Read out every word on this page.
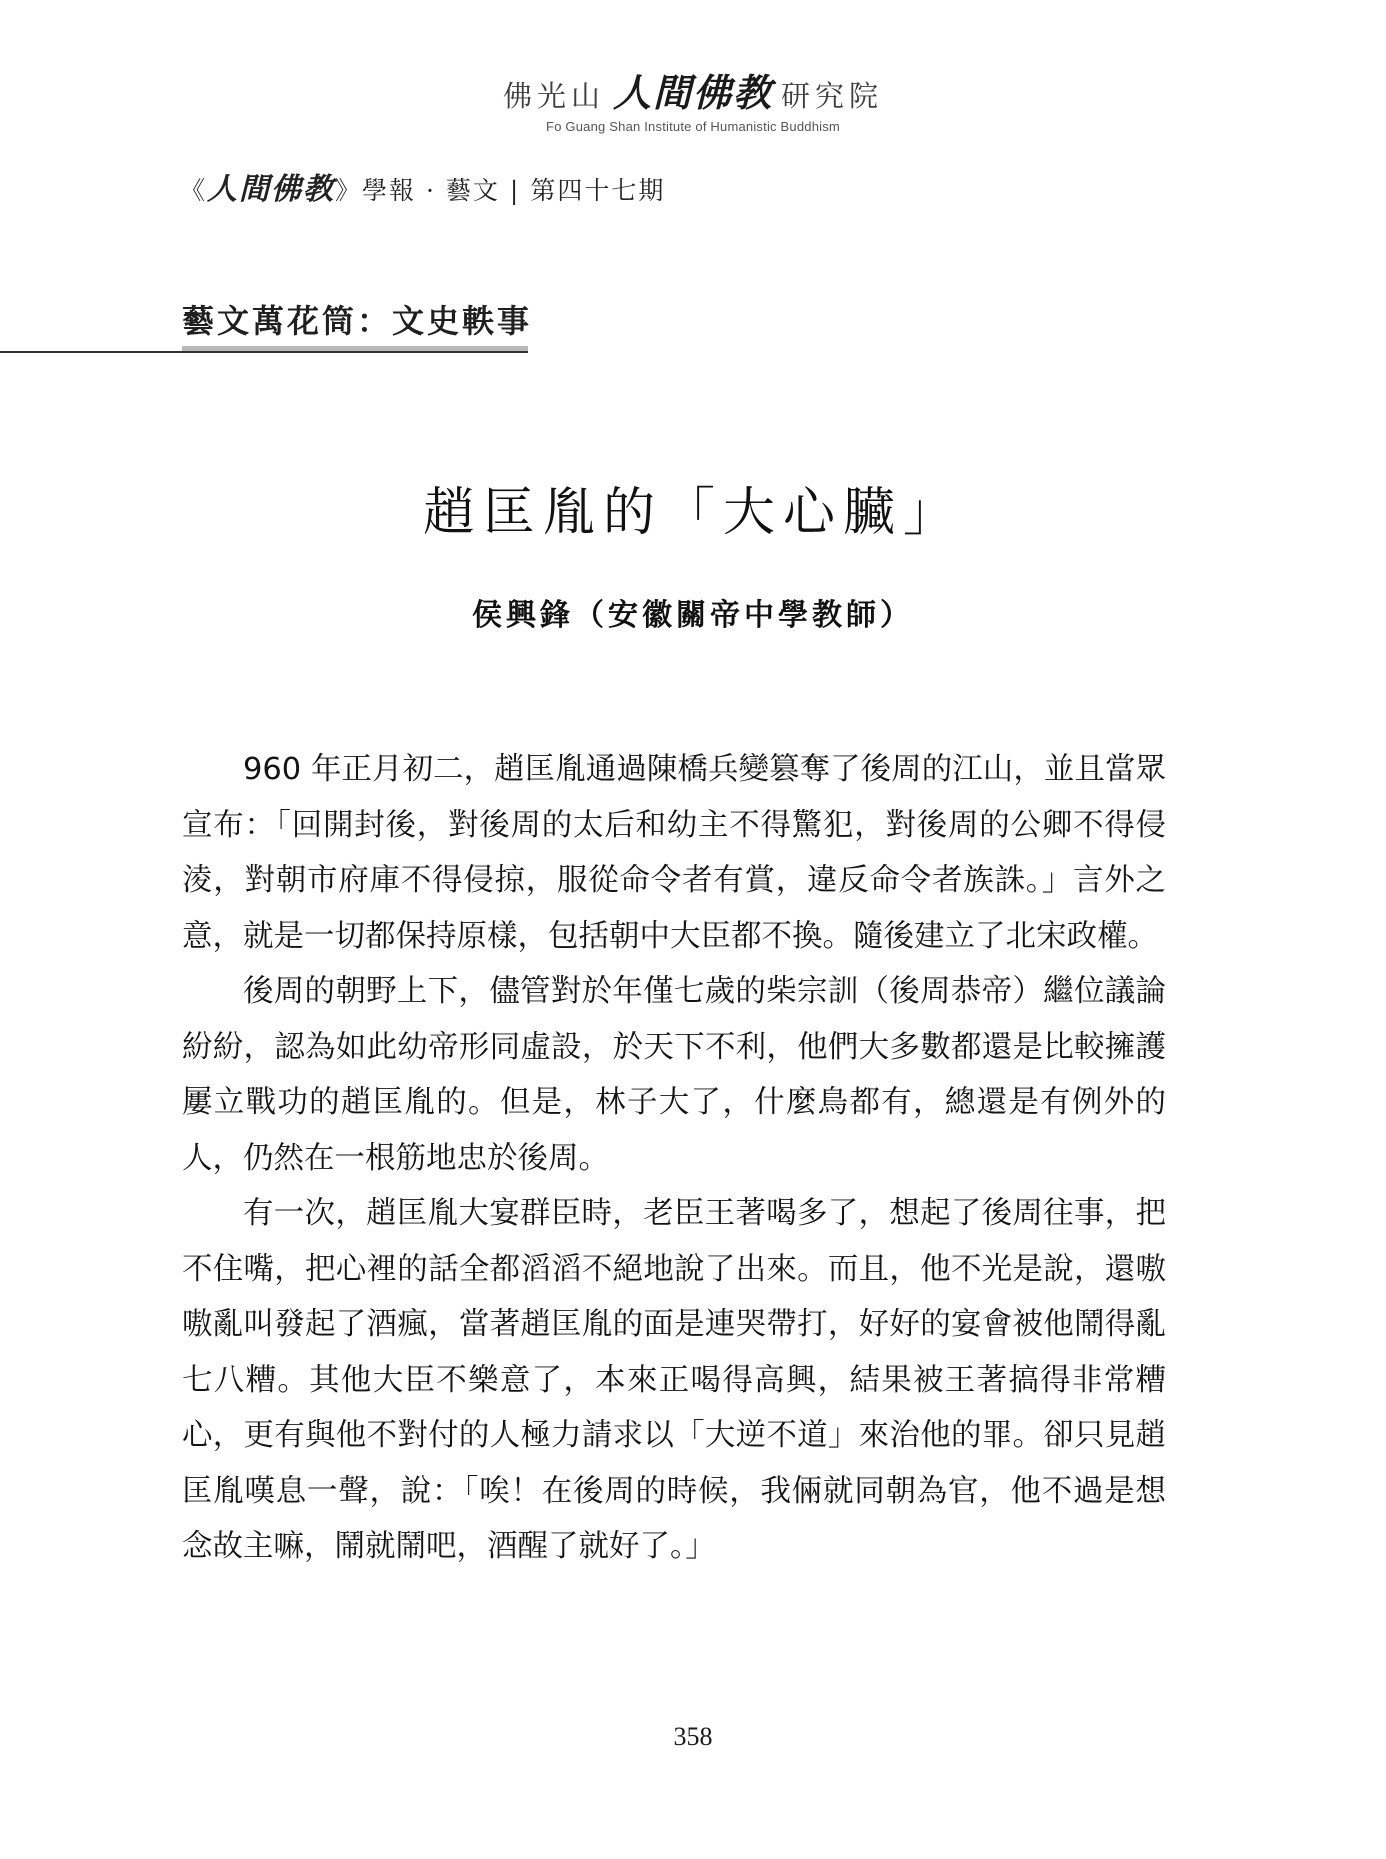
佛光山 人間佛教 研究院
Fo Guang Shan Institute of Humanistic Buddhism
《人間佛教》學報 · 藝文 | 第四十七期
藝文萬花筒：文史軼事
趙匡胤的「大心臟」
侯興鋒（安徽關帝中學教師）

960 年正月初二，趙匡胤通過陳橋兵變篡奪了後周的江山，並且當眾宣布：「回開封後，對後周的太后和幼主不得驚犯，對後周的公卿不得侵淩，對朝市府庫不得侵掠，服從命令者有賞，違反命令者族誅。」言外之意，就是一切都保持原樣，包括朝中大臣都不換。隨後建立了北宋政權。

後周的朝野上下，儘管對於年僅七歲的柴宗訓（後周恭帝）繼位議論紛紛，認為如此幼帝形同虛設，於天下不利，他們大多數都還是比較擁護屢立戰功的趙匡胤的。但是，林子大了，什麼鳥都有，總還是有例外的人，仍然在一根筋地忠於後周。

有一次，趙匡胤大宴群臣時，老臣王著喝多了，想起了後周往事，把不住嘴，把心裡的話全都滔滔不絕地說了出來。而且，他不光是說，還嗷嗷亂叫發起了酒瘋，當著趙匡胤的面是連哭帶打，好好的宴會被他鬧得亂七八糟。其他大臣不樂意了，本來正喝得高興，結果被王著搞得非常糟心，更有與他不對付的人極力請求以「大逆不道」來治他的罪。卻只見趙匡胤嘆息一聲，說：「唉！在後周的時候，我倆就同朝為官，他不過是想念故主嘛，鬧就鬧吧，酒醒了就好了。」

358
